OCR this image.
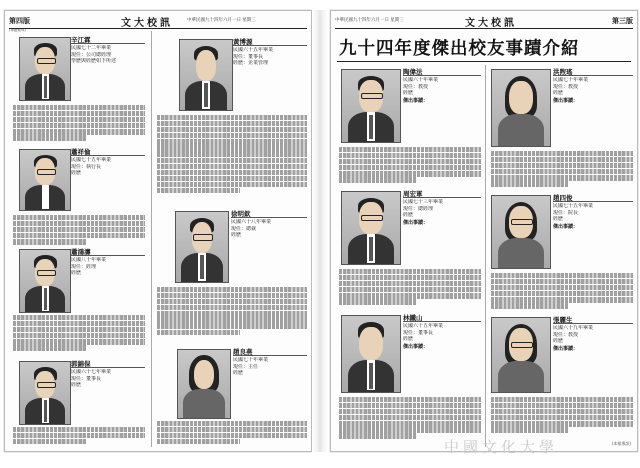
第四版	文大校訊	中華民國九十四年六月一日 星期三
(專題報導)
辛江霖
民國七十二年畢業
現任：公司總經理
學歷與經歷如下所述
蕭祥倫
民國七十五年畢業
現任：執行長
經歷
蕭鴻濤
民國八十年畢業
現任：經理
經歷
郭錦保
民國六十七年畢業
現任：董事長
經歷
黃博源
民國六十五年畢業
現任：董事長
經歷：企業管理
徐明欽
民國六十八年畢業
現任：總裁
經歷
趙良燕
民國七十年畢業
現任：主任
經歷
中華民國九十四年六月一日 星期三	文大校訊	第三版
九十四年度傑出校友事蹟介紹
陶偉法
民國六十年畢業
現任：教授
經歷
傑出事蹟：
周宏軍
民國七十三年畢業
現任：總經理
經歷
傑出事蹟：
林鐵山
民國六十五年畢業
現任：董事長
經歷
傑出事蹟：
洪煦瑤
民國七十年畢業
現任：教授
經歷
傑出事蹟：
趙四俊
民國七十五年畢業
現任：院長
經歷
傑出事蹟：
張麗生
民國六十九年畢業
現任：教授
經歷
傑出事蹟：
(本報專訊)
中國文化大學
